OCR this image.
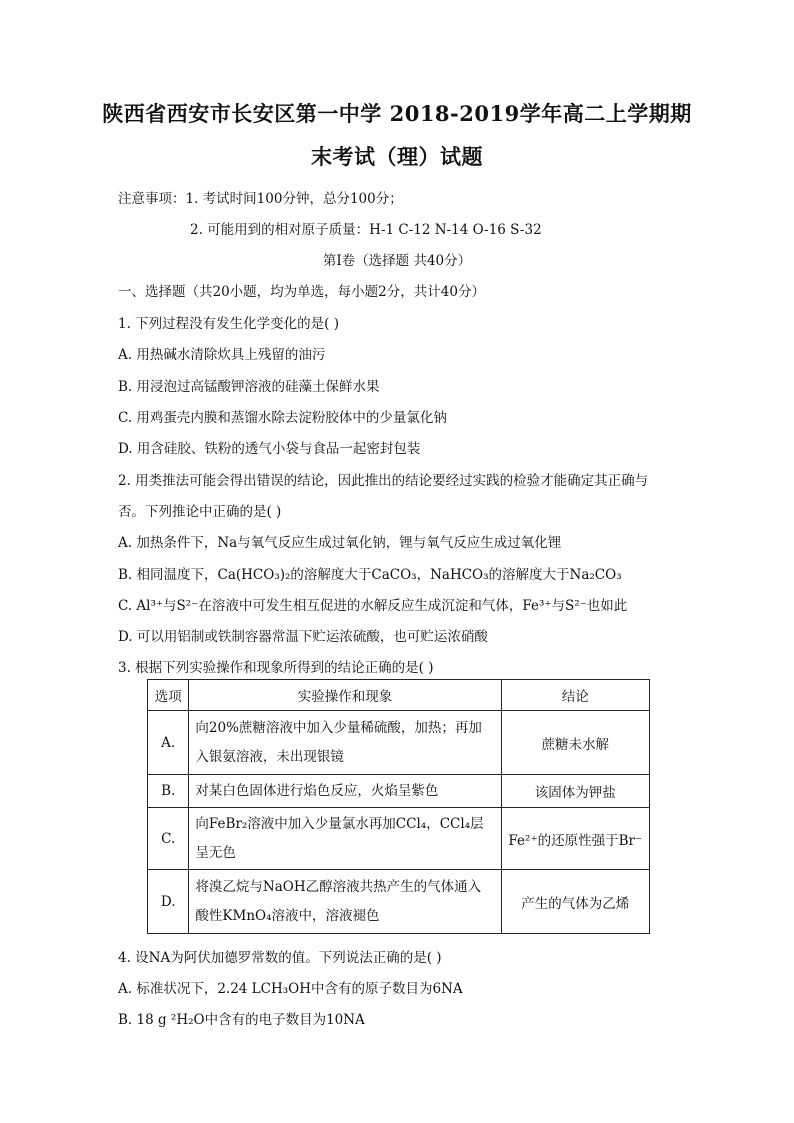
陕西省西安市长安区第一中学 2018-2019学年高二上学期期
末考试（理）试题
注意事项：1. 考试时间100分钟，总分100分；
2. 可能用到的相对原子质量：H-1 C-12 N-14 O-16 S-32
第Ⅰ卷（选择题 共40分）
一、选择题（共20小题，均为单选，每小题2分，共计40分）
1. 下列过程没有发生化学变化的是( )
A. 用热碱水清除炊具上残留的油污
B. 用浸泡过高锰酸钾溶液的硅藻土保鲜水果
C. 用鸡蛋壳内膜和蒸馏水除去淀粉胶体中的少量氯化钠
D. 用含硅胶、铁粉的透气小袋与食品一起密封包装
2. 用类推法可能会得出错误的结论，因此推出的结论要经过实践的检验才能确定其正确与
否。下列推论中正确的是( )
A. 加热条件下，Na与氧气反应生成过氧化钠，锂与氧气反应生成过氧化锂
B. 相同温度下，Ca(HCO₃)₂的溶解度大于CaCO₃，NaHCO₃的溶解度大于Na₂CO₃
C. Al³⁺与S²⁻在溶液中可发生相互促进的水解反应生成沉淀和气体，Fe³⁺与S²⁻也如此
D. 可以用铝制或铁制容器常温下贮运浓硫酸，也可贮运浓硝酸
3. 根据下列实验操作和现象所得到的结论正确的是( )
选项	实验操作和现象	结论
A.	向20%蔗糖溶液中加入少量稀硫酸，加热；再加入银氨溶液，未出现银镜	蔗糖未水解
B.	对某白色固体进行焰色反应，火焰呈紫色	该固体为钾盐
C.	向FeBr₂溶液中加入少量氯水再加CCl₄，CCl₄层呈无色	Fe²⁺的还原性强于Br⁻
D.	将溴乙烷与NaOH乙醇溶液共热产生的气体通入酸性KMnO₄溶液中，溶液褪色	产生的气体为乙烯
4. 设NA为阿伏加德罗常数的值。下列说法正确的是( )
A. 标准状况下，2.24 LCH₃OH中含有的原子数目为6NA
B. 18 g ²H₂O中含有的电子数目为10NA
